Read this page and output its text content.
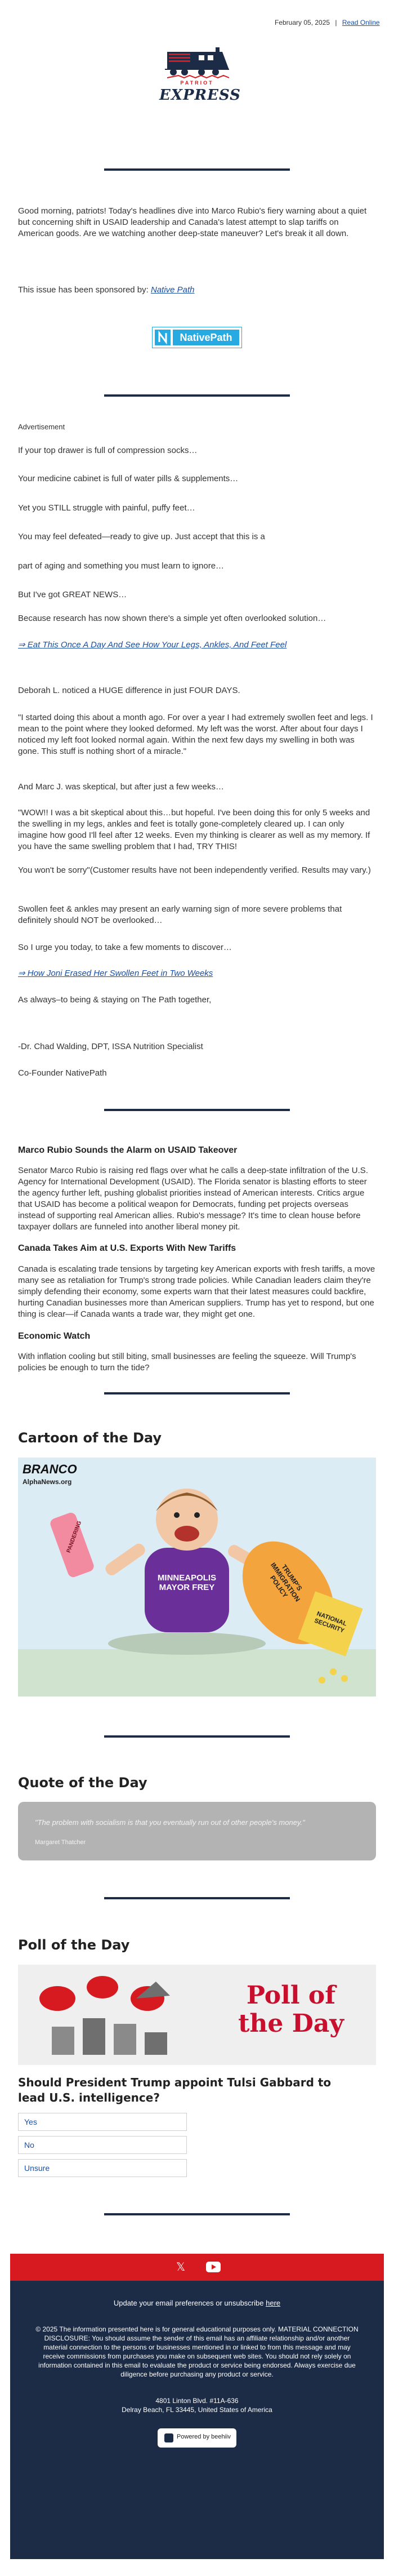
February 05, 2025 | Read Online
PATRIOT
EXPRESS

Good morning, patriots! Today's headlines dive into Marco Rubio's fiery warning about a quiet but concerning shift in USAID leadership and Canada's latest attempt to slap tariffs on American goods. Are we watching another deep-state maneuver? Let's break it all down.

This issue has been sponsored by: Native Path

NativePath

Advertisement

If your top drawer is full of compression socks…

Your medicine cabinet is full of water pills & supplements…

Yet you STILL struggle with painful, puffy feet…

You may feel defeated—ready to give up. Just accept that this is a

part of aging and something you must learn to ignore…

But I've got GREAT NEWS…

Because research has now shown there's a simple yet often overlooked solution…

⇒ Eat This Once A Day And See How Your Legs, Ankles, And Feet Feel

Deborah L. noticed a HUGE difference in just FOUR DAYS.

"I started doing this about a month ago. For over a year I had extremely swollen feet and legs. I mean to the point where they looked deformed. My left was the worst. After about four days I noticed my left foot looked normal again. Within the next few days my swelling in both was gone. This stuff is nothing short of a miracle."

And Marc J. was skeptical, but after just a few weeks…

"WOW!! I was a bit skeptical about this…but hopeful. I've been doing this for only 5 weeks and the swelling in my legs, ankles and feet is totally gone-completely cleared up. I can only imagine how good I'll feel after 12 weeks. Even my thinking is clearer as well as my memory. If you have the same swelling problem that I had, TRY THIS!

You won't be sorry"(Customer results have not been independently verified. Results may vary.)

Swollen feet & ankles may present an early warning sign of more severe problems that definitely should NOT be overlooked…

So I urge you today, to take a few moments to discover…

⇒ How Joni Erased Her Swollen Feet in Two Weeks

As always–to being & staying on The Path together,

-Dr. Chad Walding, DPT, ISSA Nutrition Specialist

Co-Founder NativePath

Marco Rubio Sounds the Alarm on USAID Takeover

Senator Marco Rubio is raising red flags over what he calls a deep-state infiltration of the U.S. Agency for International Development (USAID). The Florida senator is blasting efforts to steer the agency further left, pushing globalist priorities instead of American interests. Critics argue that USAID has become a political weapon for Democrats, funding pet projects overseas instead of supporting real American allies. Rubio's message? It's time to clean house before taxpayer dollars are funneled into another liberal money pit.

Canada Takes Aim at U.S. Exports With New Tariffs

Canada is escalating trade tensions by targeting key American exports with fresh tariffs, a move many see as retaliation for Trump's strong trade policies. While Canadian leaders claim they're simply defending their economy, some experts warn that their latest measures could backfire, hurting Canadian businesses more than American suppliers. Trump has yet to respond, but one thing is clear—if Canada wants a trade war, they might get one.

Economic Watch

With inflation cooling but still biting, small businesses are feeling the squeeze. Will Trump's policies be enough to turn the tide?

Cartoon of the Day
BRANCO
AlphaNews.org
PANDERING
MINNEAPOLIS MAYOR FREY	TRUMP'S IMMIGRATION POLICY
NATIONAL SECURITY
Quote of the Day

"The problem with socialism is that you eventually run out of other people's money."

Margaret Thatcher

Poll of the Day
Poll of the Day

Should President Trump appoint Tulsi Gabbard to lead U.S. intelligence?

Yes
No
Unsure
𝕏

Update your email preferences or unsubscribe here

© 2025 The information presented here is for general educational purposes only. MATERIAL CONNECTION DISCLOSURE: You should assume the sender of this email has an affiliate relationship and/or another material connection to the persons or businesses mentioned in or linked to from this message and may receive commissions from purchases you make on subsequent web sites. You should not rely solely on information contained in this email to evaluate the product or service being endorsed. Always exercise due diligence before purchasing any product or service.

4801 Linton Blvd. #11A-636

Delray Beach, FL 33445, United States of America

Powered by beehiiv
